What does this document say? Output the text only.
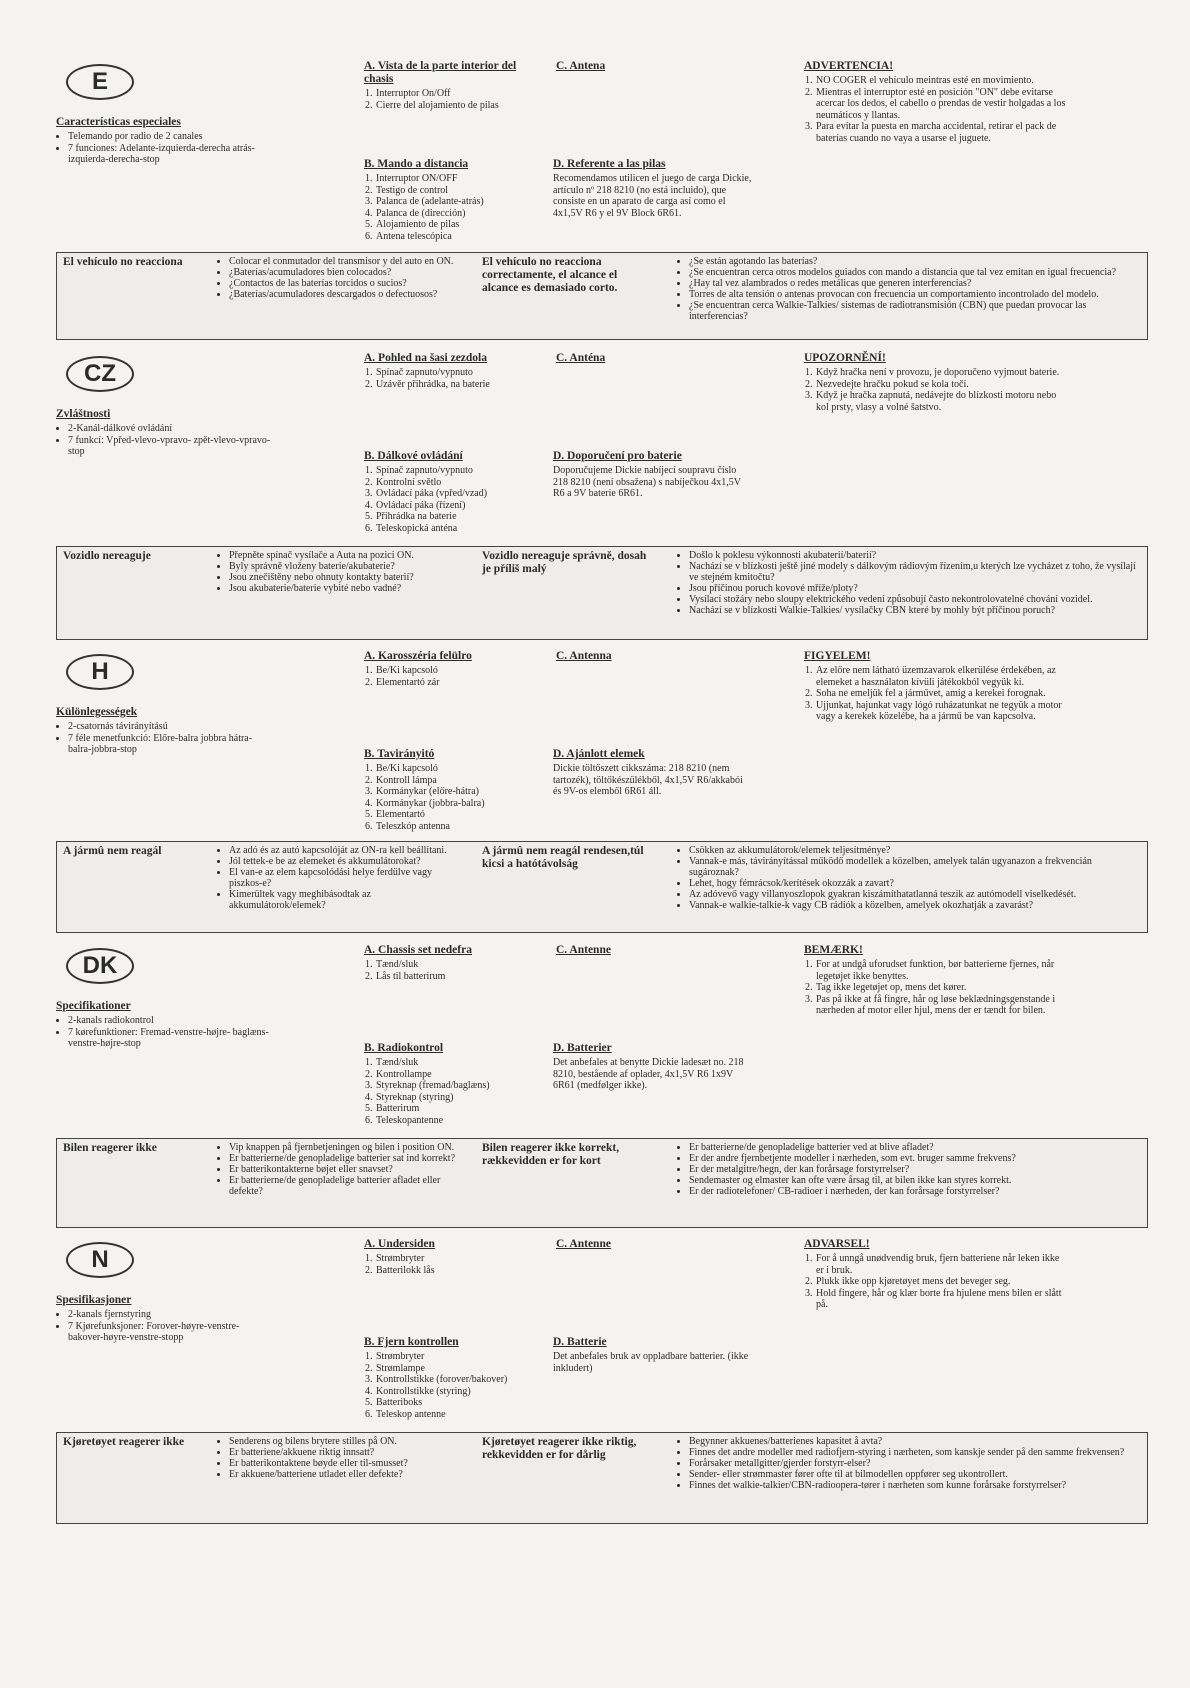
E
Características especiales
• Telemando por radio de 2 canales
• 7 funciones: Adelante-izquierda-derecha atrás-izquierda-derecha-stop
A. Vista de la parte interior del chasis
1. Interruptor On/Off
2. Cierre del alojamiento de pilas
B. Mando a distancia
1. Interruptor ON/OFF
2. Testigo de control
3. Palanca de (adelante-atrás)
4. Palanca de (dirección)
5. Alojamiento de pilas
6. Antena telescópica
C. Antena
D. Referente a las pilas

Recomendamos utilicen el juego de carga Dickie, artículo nº 218 8210 (no está incluido), que consiste en un aparato de carga así como el 4x1,5V R6 y el 9V Block 6R61.

ADVERTENCIA!
1. NO COGER el vehículo meintras esté en movimiento.
2. Mientras el interruptor esté en posición "ON" debe evitarse acercar los dedos, el cabello o prendas de vestir holgadas a los neumáticos y llantas.
3. Para evitar la puesta en marcha accidental, retirar el pack de baterías cuando no vaya a usarse el juguete.
El vehículo no reacciona	• Colocar el conmutador del transmisor y del auto en ON.
• ¿Baterías/acumuladores bien colocados?
• ¿Contactos de las baterías torcidos o sucios?
• ¿Baterías/acumuladores descargados o defectuosos?
El vehículo no reacciona correctamente, el alcance el alcance es demasiado corto.
• ¿Se están agotando las baterías?
• ¿Se encuentran cerca otros modelos guiados con mando a distancia que tal vez emitan en igual frecuencia?
• ¿Hay tal vez alambrados o redes metálicas que generen interferencias?
• Torres de alta tensión o antenas provocan con frecuencia un comportamiento incontrolado del modelo.
• ¿Se encuentran cerca Walkie-Talkies/ sistemas de radiotransmisión (CBN) que puedan provocar las interferencias?
CZ
Zvláštnosti
• 2-Kanál-dálkové ovládání
• 7 funkcí: Vpřed-vlevo-vpravo- zpět-vlevo-vpravo-stop
A. Pohled na šasi zezdola
1. Spínač zapnuto/vypnuto
2. Uzávěr přihrádka, na baterie
B. Dálkové ovládání
1. Spínač zapnuto/vypnuto
2. Kontrolní světlo
3. Ovládací páka (vpřed/vzad)
4. Ovládací páka (řízení)
5. Přihrádka na baterie
6. Teleskopická anténa
C. Anténa
D. Doporučení pro baterie

Doporučujeme Dickie nabíjecí soupravu číslo 218 8210 (není obsažena) s nabíječkou 4x1,5V R6 a 9V baterie 6R61.

UPOZORNĚNÍ!
1. Když hračka není v provozu, je doporučeno vyjmout baterie.
2. Nezvedejte hračku pokud se kola točí.
3. Když je hračka zapnutá, nedávejte do blízkosti motoru nebo kol prsty, vlasy a volné šatstvo.
Vozidlo nereaguje	• Přepněte spínač vysílače a Auta na pozici ON.
• Byly správně vloženy baterie/akubaterie?
• Jsou znečištěny nebo ohnuty kontakty baterií?
• Jsou akubaterie/baterie vybité nebo vadné?
Vozidlo nereaguje správně, dosah je příliš malý
• Došlo k poklesu výkonnosti akubaterií/baterií?
• Nachází se v blízkosti ještě jiné modely s dálkovým rádiovým řízením,u kterých lze vycházet z toho, že vysílají ve stejném kmitočtu?
• Jsou příčinou poruch kovové mříže/ploty?
• Vysílací stožáry nebo sloupy elektrického vedení způsobují často nekontrolovatelné chování vozidel.
• Nachází se v blízkosti Walkie-Talkies/ vysílačky CBN které by mohly být příčinou poruch?
H
Különlegességek
• 2-csatornás távirányítású
• 7 féle menetfunkció: Előre-balra jobbra hátra-balra-jobbra-stop
A. Karosszéria felülro
1. Be/Ki kapcsoló
2. Elementartó zár
B. Tavirányitó
1. Be/Ki kapcsoló
2. Kontroll lámpa
3. Kormánykar (előre-hátra)
4. Kormánykar (jobbra-balra)
5. Elementartó
6. Teleszkóp antenna
C. Antenna
D. Ajánlott elemek

Dickie töltőszett cikkszáma: 218 8210 (nem tartozék), töltőkészülékből, 4x1,5V R6/akkabói és 9V-os elemből 6R61 áll.

FIGYELEM!
1. Az előre nem látható üzemzavarok elkerülése érdekében, az elemeket a használaton kívüli játékokból vegyük ki.
2. Soha ne emeljük fel a járművet, amig a kerekei forognak.
3. Ujjunkat, hajunkat vagy lógó ruházatunkat ne tegyük a motor vagy a kerekek közelébe, ha a jármű be van kapcsolva.
A jármû nem reagál	• Az adó és az autó kapcsolóját az ON-ra kell beállítani.
• Jól tettek-e be az elemeket és akkumulátorokat?
• El van-e az elem kapcsolódási helye ferdülve vagy piszkos-e?
• Kimerültek vagy meghibásodtak az akkumulátorok/elemek?
A jármû nem reagál rendesen,túl kicsi a hatótávolság
• Csökken az akkumulátorok/elemek teljesítménye?
• Vannak-e más, távirányítással működő modellek a közelben, amelyek talán ugyanazon a frekvencián sugároznak?
• Lehet, hogy fémrácsok/kerítések okozzák a zavart?
• Az adóvevő vagy villanyoszlopok gyakran kiszámíthatatlanná teszik az autómodell viselkedését.
• Vannak-e walkie-talkie-k vagy CB rádiók a közelben, amelyek okozhatják a zavarást?
DK
Specifikationer
• 2-kanals radiokontrol
• 7 kørefunktioner: Fremad-venstre-højre- baglæns-venstre-højre-stop
A. Chassis set nedefra
1. Tænd/sluk
2. Lås til batterirum
B. Radiokontrol
1. Tænd/sluk
2. Kontrollampe
3. Styreknap (fremad/baglæns)
4. Styreknap (styring)
5. Batterirum
6. Teleskopantenne
C. Antenne
D. Batterier

Det anbefales at benytte Dickie ladesæt no. 218 8210, bestående af oplader, 4x1,5V R6 1x9V 6R61 (medfølger ikke).

BEMÆRK!
1. For at undgå uforudset funktion, bør batterierne fjernes, når legetøjet ikke benyttes.
2. Tag ikke legetøjet op, mens det kører.
3. Pas på ikke at få fingre, hår og løse beklædningsgenstande i nærheden af motor eller hjul, mens der er tændt for bilen.
Bilen reagerer ikke	• Vip knappen på fjernbetjeningen og bilen i position ON.
• Er batterierne/de genopladelige batterier sat ind korrekt?
• Er batterikontakterne bøjet eller snavset?
• Er batterierne/de genopladelige batterier afladet eller defekte?
Bilen reagerer ikke korrekt, rækkevidden er for kort
• Er batterierne/de genopladelige batterier ved at blive afladet?
• Er der andre fjernbetjente modeller i nærheden, som evt. bruger samme frekvens?
• Er der metalgitre/hegn, der kan forårsage forstyrrelser?
• Sendemaster og elmaster kan ofte være årsag til, at bilen ikke kan styres korrekt.
• Er der radiotelefoner/ CB-radioer i nærheden, der kan forårsage forstyrrelser?
N
Spesifikasjoner
• 2-kanals fjernstyring
• 7 Kjørefunksjoner: Forover-høyre-venstre- bakover-høyre-venstre-stopp
A. Undersiden
1. Strømbryter
2. Batterilokk lås
B. Fjern kontrollen
1. Strømbryter
2. Strømlampe
3. Kontrollstikke (forover/bakover)
4. Kontrollstikke (styring)
5. Batteriboks
6. Teleskop antenne
C. Antenne
D. Batterie

Det anbefales bruk av oppladbare batterier. (ikke inkludert)

ADVARSEL!
1. For å unngå unødvendig bruk, fjern batteriene når leken ikke er i bruk.
2. Plukk ikke opp kjøretøyet mens det beveger seg.
3. Hold fingere, hår og klær borte fra hjulene mens bilen er slått på.
Kjøretøyet reagerer ikke	• Senderens og bilens brytere stilles på ON.
• Er batteriene/akkuene riktig innsatt?
• Er batterikontaktene bøyde eller til-smusset?
• Er akkuene/batteriene utladet eller defekte?
Kjøretøyet reagerer ikke riktig, rekkevidden er for dårlig
• Begynner akkuenes/batterienes kapasitet å avta?
• Finnes det andre modeller med radiofjern-styring i nærheten, som kanskje sender på den samme frekvensen?
• Forårsaker metallgitter/gjerder forstyrr-elser?
• Sender- eller strømmaster fører ofte til at bilmodellen oppfører seg ukontrollert.
• Finnes det walkie-talkier/CBN-radioopera-tører i nærheten som kunne forårsake forstyrrelser?
